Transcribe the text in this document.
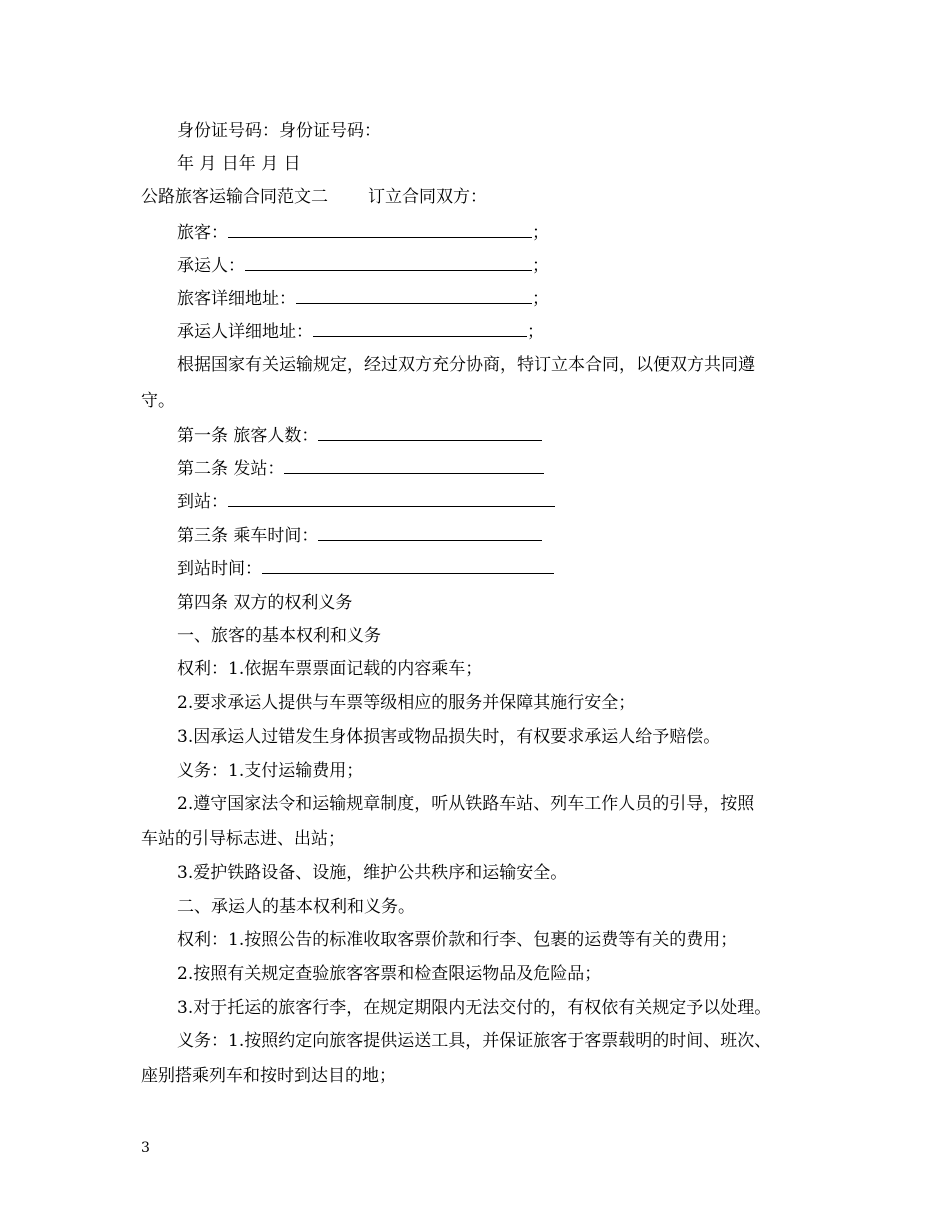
身份证号码：身份证号码：
年 月 日年 月 日
公路旅客运输合同范文二 订立合同双方：
旅客：	；
承运人：	；
旅客详细地址：	；
承运人详细地址：	；
根据国家有关运输规定，经过双方充分协商，特订立本合同，以便双方共同遵
守。
第一条 旅客人数：
第二条 发站：
到站：
第三条 乘车时间：
到站时间：
第四条 双方的权利义务
一、旅客的基本权利和义务
权利：1.依据车票票面记载的内容乘车；
2.要求承运人提供与车票等级相应的服务并保障其施行安全；
3.因承运人过错发生身体损害或物品损失时，有权要求承运人给予赔偿。
义务：1.支付运输费用；
2.遵守国家法令和运输规章制度，听从铁路车站、列车工作人员的引导，按照
车站的引导标志进、出站；
3.爱护铁路设备、设施，维护公共秩序和运输安全。
二、承运人的基本权利和义务。
权利：1.按照公告的标准收取客票价款和行李、包裹的运费等有关的费用；
2.按照有关规定查验旅客客票和检查限运物品及危险品；
3.对于托运的旅客行李，在规定期限内无法交付的，有权依有关规定予以处理。
义务：1.按照约定向旅客提供运送工具，并保证旅客于客票载明的时间、班次、
座别搭乘列车和按时到达目的地；
3
